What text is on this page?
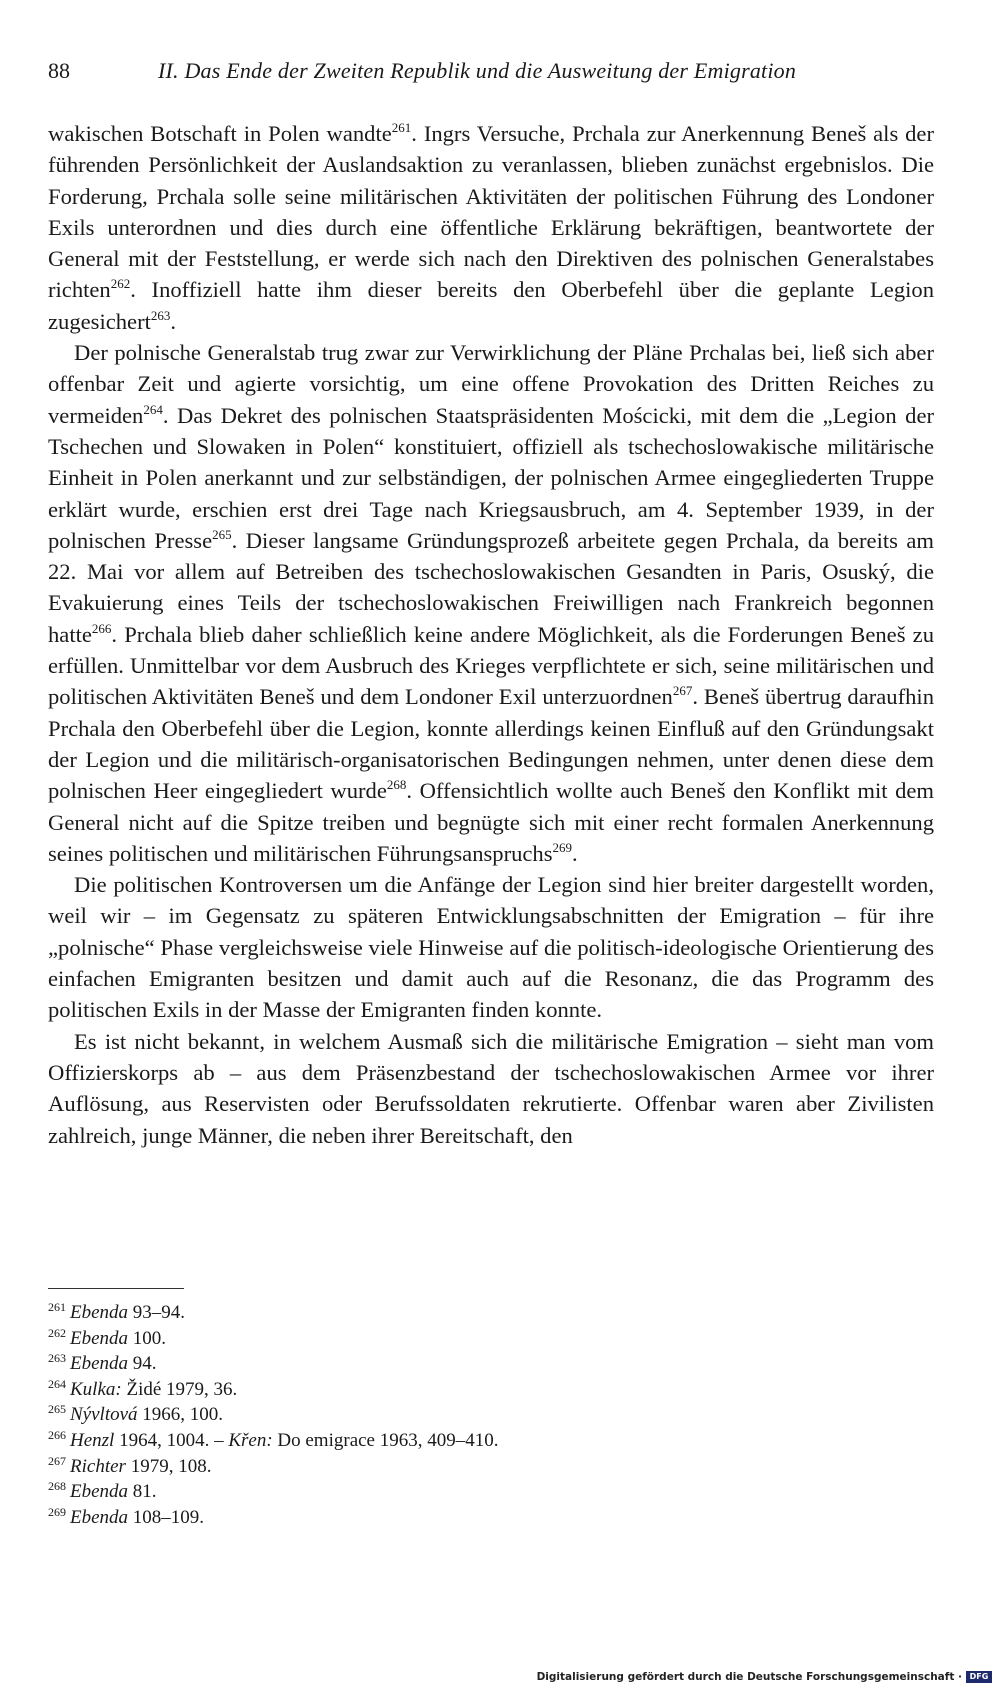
88	II. Das Ende der Zweiten Republik und die Ausweitung der Emigration

wakischen Botschaft in Polen wandte$^{261}$. Ingrs Versuche, Prchala zur Anerkennung Beneš als der führenden Persönlichkeit der Auslandsaktion zu veranlassen, blieben zunächst ergebnislos. Die Forderung, Prchala solle seine militärischen Aktivitäten der politischen Führung des Londoner Exils unterordnen und dies durch eine öffentliche Erklärung bekräftigen, beantwortete der General mit der Feststellung, er werde sich nach den Direktiven des polnischen Generalstabes richten$^{262}$. Inoffiziell hatte ihm dieser bereits den Oberbefehl über die geplante Legion zugesichert$^{263}$.

Der polnische Generalstab trug zwar zur Verwirklichung der Pläne Prchalas bei, ließ sich aber offenbar Zeit und agierte vorsichtig, um eine offene Provokation des Dritten Reiches zu vermeiden$^{264}$. Das Dekret des polnischen Staatspräsidenten Mościcki, mit dem die „Legion der Tschechen und Slowaken in Polen“ konstituiert, offiziell als tschechoslowakische militärische Einheit in Polen anerkannt und zur selbständigen, der polnischen Armee eingegliederten Truppe erklärt wurde, erschien erst drei Tage nach Kriegsausbruch, am 4. September 1939, in der polnischen Presse$^{265}$. Dieser langsame Gründungsprozeß arbeitete gegen Prchala, da bereits am 22. Mai vor allem auf Betreiben des tschechoslowakischen Gesandten in Paris, Osuský, die Evakuierung eines Teils der tschechoslowakischen Freiwilligen nach Frankreich begonnen hatte$^{266}$. Prchala blieb daher schließlich keine andere Möglichkeit, als die Forderungen Beneš zu erfüllen. Unmittelbar vor dem Ausbruch des Krieges verpflichtete er sich, seine militärischen und politischen Aktivitäten Beneš und dem Londoner Exil unterzuordnen$^{267}$. Beneš übertrug daraufhin Prchala den Oberbefehl über die Legion, konnte allerdings keinen Einfluß auf den Gründungsakt der Legion und die militärisch-organisatorischen Bedingungen nehmen, unter denen diese dem polnischen Heer eingegliedert wurde$^{268}$. Offensichtlich wollte auch Beneš den Konflikt mit dem General nicht auf die Spitze treiben und begnügte sich mit einer recht formalen Anerkennung seines politischen und militärischen Führungsanspruchs$^{269}$.

Die politischen Kontroversen um die Anfänge der Legion sind hier breiter dargestellt worden, weil wir – im Gegensatz zu späteren Entwicklungsabschnitten der Emigration – für ihre „polnische“ Phase vergleichsweise viele Hinweise auf die politisch-ideologische Orientierung des einfachen Emigranten besitzen und damit auch auf die Resonanz, die das Programm des politischen Exils in der Masse der Emigranten finden konnte.

Es ist nicht bekannt, in welchem Ausmaß sich die militärische Emigration – sieht man vom Offizierskorps ab – aus dem Präsenzbestand der tschechoslowakischen Armee vor ihrer Auflösung, aus Reservisten oder Berufssoldaten rekrutierte. Offenbar waren aber Zivilisten zahlreich, junge Männer, die neben ihrer Bereitschaft, den

$^{261}$ Ebenda 93–94.
$^{262}$ Ebenda 100.
$^{263}$ Ebenda 94.
$^{264}$ Kulka: Židé 1979, 36.
$^{265}$ Nývltová 1966, 100.
$^{266}$ Henzl 1964, 1004. – Křen: Do emigrace 1963, 409–410.
$^{267}$ Richter 1979, 108.
$^{268}$ Ebenda 81.
$^{269}$ Ebenda 108–109.
Digitalisierung gefördert durch die Deutsche Forschungsgemeinschaft · DFG
